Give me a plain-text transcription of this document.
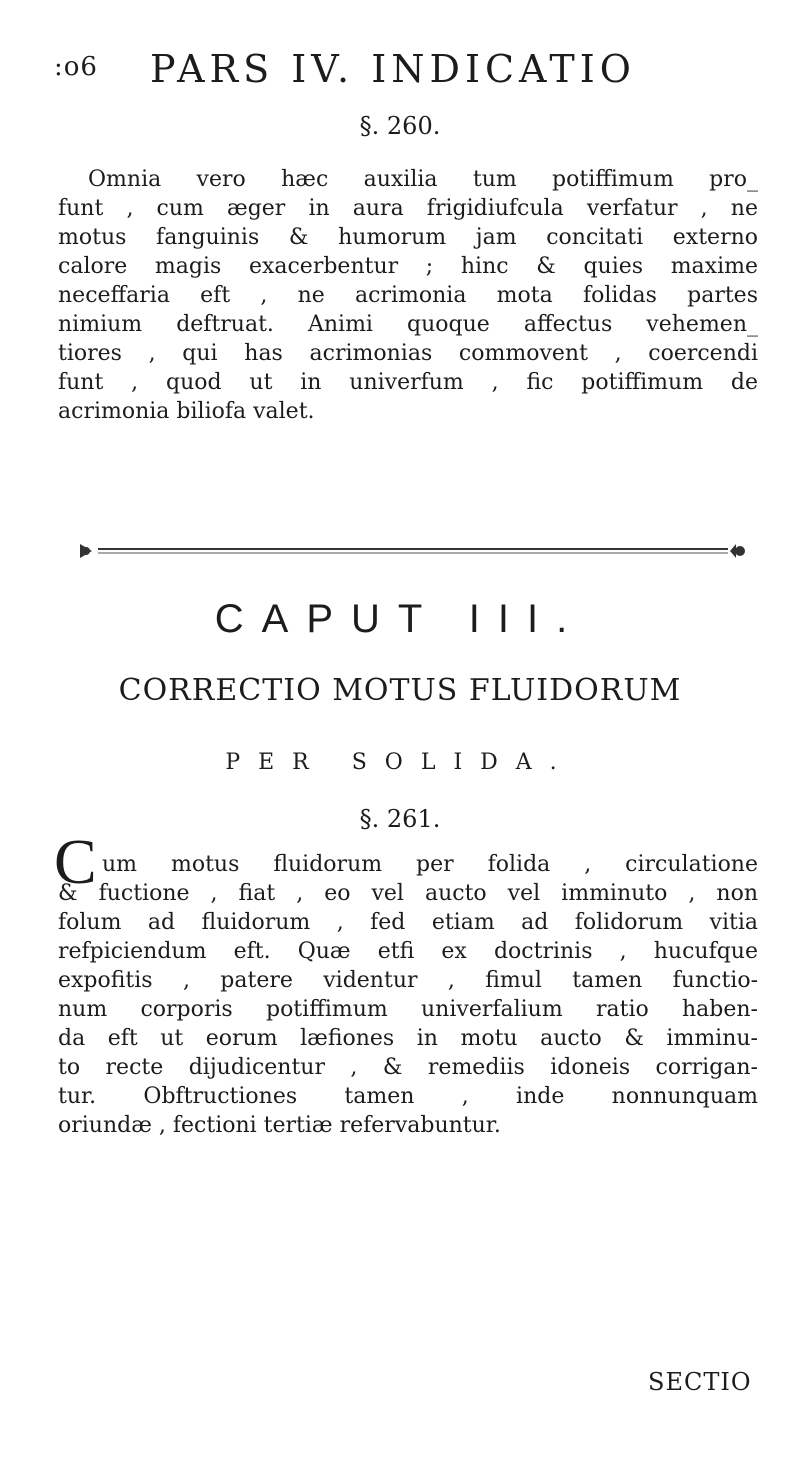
:o6 PARS IV. INDICATIO
§. 260.
Omnia vero hæc auxilia tum potiffimum pro_
funt , cum æger in aura frigidiufcula verfatur , ne
motus fanguinis & humorum jam concitati externo
calore magis exacerbentur ; hinc & quies maxime
neceffaria eft , ne acrimonia mota folidas partes
nimium deftruat. Animi quoque affectus vehemen_
tiores , qui has acrimonias commovent , coercendi
funt , quod ut in univerfum , fic potiffimum de
acrimonia biliofa valet.
CAPUT III.
CORRECTIO MOTUS FLUIDORUM
PER SOLIDA.
§. 261.
C um motus fluidorum per folida , circulatione
& fuctione , fiat , eo vel aucto vel imminuto , non
folum ad fluidorum , fed etiam ad folidorum vitia
refpiciendum eft. Quæ etfi ex doctrinis , hucufque
expofitis , patere videntur , fimul tamen functio-
num corporis potiffimum univerfalium ratio haben-
da eft ut eorum læfiones in motu aucto & imminu-
to recte dijudicentur , & remediis idoneis corrigan-
tur. Obftructiones tamen , inde nonnunquam
oriundæ , fectioni tertiæ refervabuntur.
SECTIO
